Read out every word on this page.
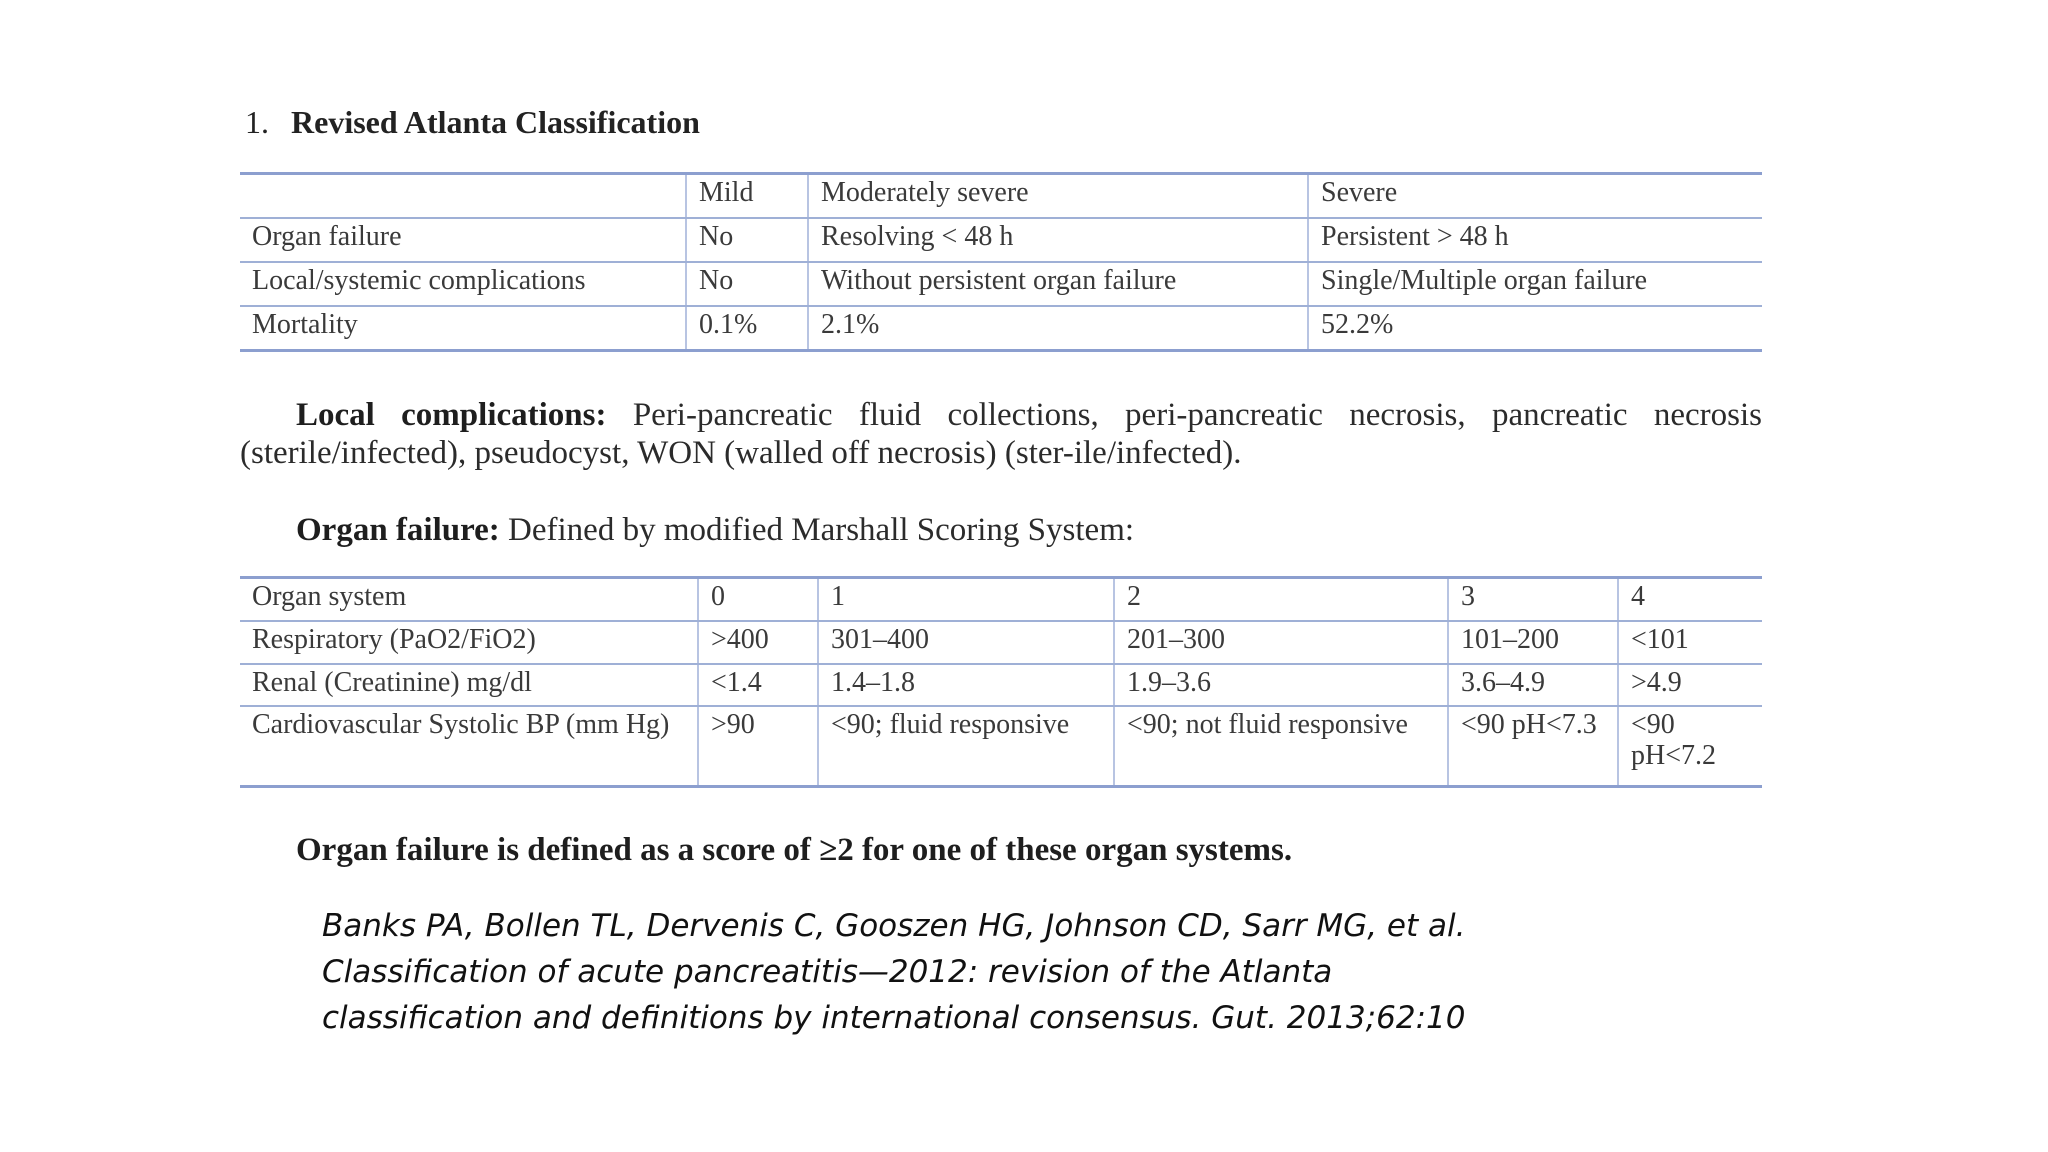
1. Revised Atlanta Classification
	Mild	Moderately severe	Severe
Organ failure	No	Resolving < 48 h	Persistent > 48 h
Local/systemic complications	No	Without persistent organ failure	Single/Multiple organ failure
Mortality	0.1%	2.1%	52.2%
Local complications: Peri-pancreatic fluid collections, peri-pancreatic necrosis, pancreatic necrosis (sterile/infected), pseudocyst, WON (walled off necrosis) (ster-ile/infected).
Organ failure: Defined by modified Marshall Scoring System:
Organ system	0	1	2	3	4
Respiratory (PaO2/FiO2)	>400	301–400	201–300	101–200	<101
Renal (Creatinine) mg/dl	<1.4	1.4–1.8	1.9–3.6	3.6–4.9	>4.9
Cardiovascular Systolic BP (mm Hg)	>90	<90; fluid responsive	<90; not fluid responsive	<90 pH<7.3	<90 pH<7.2
Organ failure is defined as a score of ≥2 for one of these organ systems.
Banks PA, Bollen TL, Dervenis C, Gooszen HG, Johnson CD, Sarr MG, et al.
Classification of acute pancreatitis—2012: revision of the Atlanta
classification and definitions by international consensus. Gut. 2013;62:10
